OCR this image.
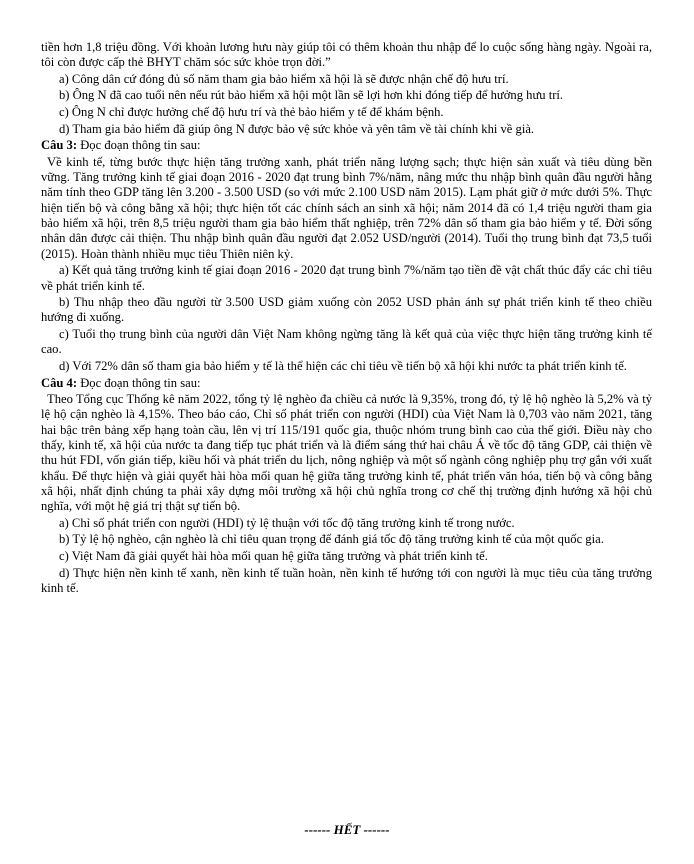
tiền hơn 1,8 triệu đồng. Với khoản lương hưu này giúp tôi có thêm khoản thu nhập để lo cuộc sống hàng ngày. Ngoài ra, tôi còn được cấp thẻ BHYT chăm sóc sức khỏe trọn đời.”

a) Công dân cứ đóng đủ số năm tham gia bảo hiểm xã hội là sẽ được nhận chế độ hưu trí.

b) Ông N đã cao tuổi nên nếu rút bảo hiểm xã hội một lần sẽ lợi hơn khi đóng tiếp để hưởng hưu trí.

c) Ông N chỉ được hưởng chế độ hưu trí và thẻ bảo hiểm y tế để khám bệnh.

d) Tham gia bảo hiểm đã giúp ông N được bảo vệ sức khỏe và yên tâm về tài chính khi về già.

Câu 3: Đọc đoạn thông tin sau:

Về kinh tế, từng bước thực hiện tăng trưởng xanh, phát triển năng lượng sạch; thực hiện sản xuất và tiêu dùng bền vững. Tăng trưởng kinh tế giai đoạn 2016 - 2020 đạt trung bình 7%/năm, nâng mức thu nhập bình quân đầu người hằng năm tính theo GDP tăng lên 3.200 - 3.500 USD (so với mức 2.100 USD năm 2015). Lạm phát giữ ở mức dưới 5%. Thực hiện tiến bộ và công bằng xã hội; thực hiện tốt các chính sách an sinh xã hội; năm 2014 đã có 1,4 triệu người tham gia bảo hiểm xã hội, trên 8,5 triệu người tham gia bảo hiểm thất nghiệp, trên 72% dân số tham gia bảo hiểm y tế. Đời sống nhân dân được cải thiện. Thu nhập bình quân đầu người đạt 2.052 USD/người (2014). Tuổi thọ trung bình đạt 73,5 tuổi (2015). Hoàn thành nhiều mục tiêu Thiên niên kỷ.

a) Kết quả tăng trưởng kinh tế giai đoạn 2016 - 2020 đạt trung bình 7%/năm tạo tiền đề vật chất thúc đẩy các chỉ tiêu về phát triển kinh tế.

b) Thu nhập theo đầu người từ 3.500 USD giảm xuống còn 2052 USD phản ánh sự phát triển kinh tế theo chiều hướng đi xuống.

c) Tuổi thọ trung bình của người dân Việt Nam không ngừng tăng là kết quả của việc thực hiện tăng trưởng kinh tế cao.

d) Với 72% dân số tham gia bảo hiểm y tế là thể hiện các chỉ tiêu về tiến bộ xã hội khi nước ta phát triển kinh tế.

Câu 4: Đọc đoạn thông tin sau:

Theo Tổng cục Thống kê năm 2022, tổng tỷ lệ nghèo đa chiều cả nước là 9,35%, trong đó, tỷ lệ hộ nghèo là 5,2% và tỷ lệ hộ cận nghèo là 4,15%. Theo báo cáo, Chỉ số phát triển con người (HDI) của Việt Nam là 0,703 vào năm 2021, tăng hai bậc trên bảng xếp hạng toàn cầu, lên vị trí 115/191 quốc gia, thuộc nhóm trung bình cao của thế giới. Điều này cho thấy, kinh tế, xã hội của nước ta đang tiếp tục phát triển và là điểm sáng thứ hai châu Á về tốc độ tăng GDP, cải thiện về thu hút FDI, vốn gián tiếp, kiều hối và phát triển du lịch, nông nghiệp và một số ngành công nghiệp phụ trợ gắn với xuất khẩu. Để thực hiện và giải quyết hài hòa mối quan hệ giữa tăng trưởng kinh tế, phát triển văn hóa, tiến bộ và công bằng xã hội, nhất định chúng ta phải xây dựng môi trường xã hội chủ nghĩa trong cơ chế thị trường định hướng xã hội chủ nghĩa, với một hệ giá trị thật sự tiến bộ.

a) Chỉ số phát triển con người (HDI) tỷ lệ thuận với tốc độ tăng trưởng kinh tế trong nước.

b) Tỷ lệ hộ nghèo, cận nghèo là chỉ tiêu quan trọng để đánh giá tốc độ tăng trưởng kinh tế của một quốc gia.

c) Việt Nam đã giải quyết hài hòa mối quan hệ giữa tăng trưởng và phát triển kinh tế.

d) Thực hiện nền kinh tế xanh, nền kinh tế tuần hoàn, nền kinh tế hướng tới con người là mục tiêu của tăng trưởng kinh tế.

------ HẾT ------
